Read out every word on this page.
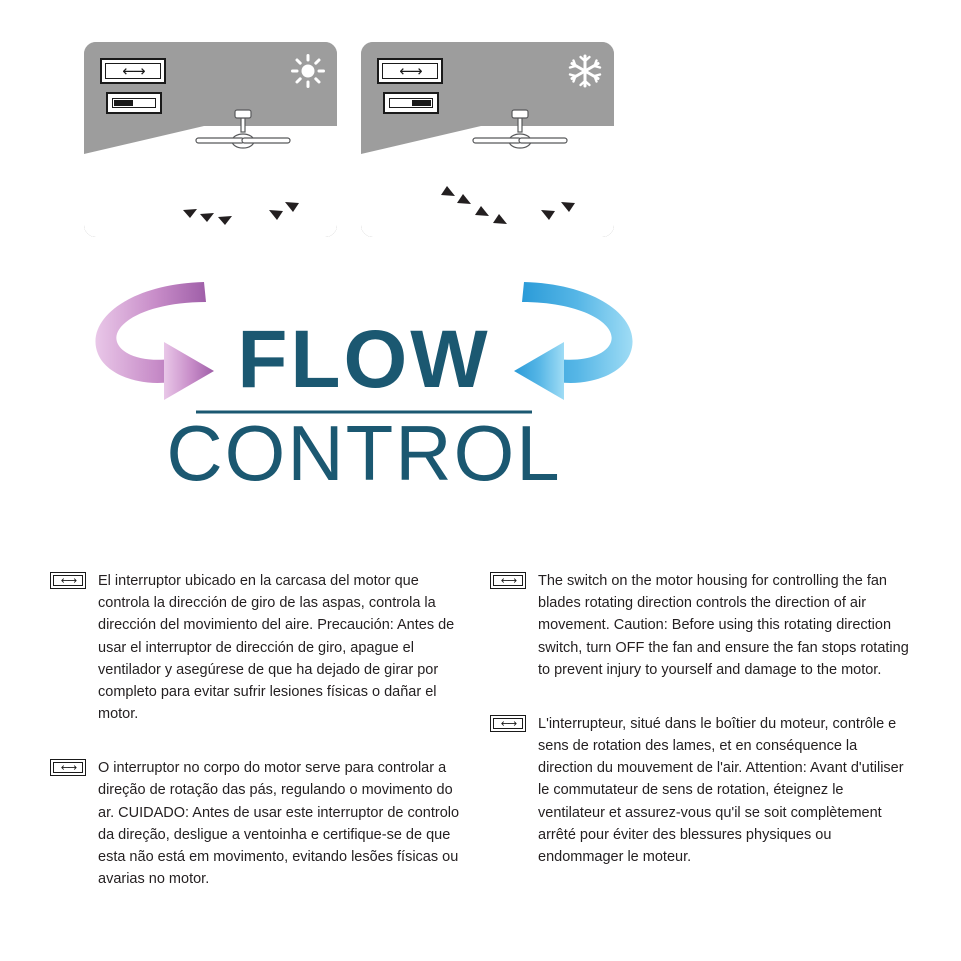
←→	←→
FLOW
CONTROL
←→	El interruptor ubicado en la carcasa del motor que controla la dirección de giro de las aspas, controla la dirección del movimiento del aire. Precaución: Antes de usar el interruptor de dirección de giro, apague el ventilador y asegúrese de que ha dejado de girar por completo para evitar sufrir lesiones físicas o dañar el motor.

←→	O interruptor no corpo do motor serve para controlar a direção de rotação das pás, regulando o movimento do ar. CUIDADO: Antes de usar este interruptor de controlo da direção, desligue a ventoinha e certifique-se de que esta não está em movimento, evitando lesões físicas ou avarias no motor.

←→	The switch on the motor housing for controlling the fan blades rotating direction controls the direction of air movement. Caution: Before using this rotating direction switch, turn OFF the fan and ensure the fan stops rotating to prevent injury to yourself and damage to the motor.

←→	L'interrupteur, situé dans le boîtier du moteur, contrôle e sens de rotation des lames, et en conséquence la direction du mouvement de l'air. Attention: Avant d'utiliser le commutateur de sens de rotation, éteignez le ventilateur et assurez-vous qu'il se soit complètement arrêté pour éviter des blessures physiques ou endommager le moteur.
